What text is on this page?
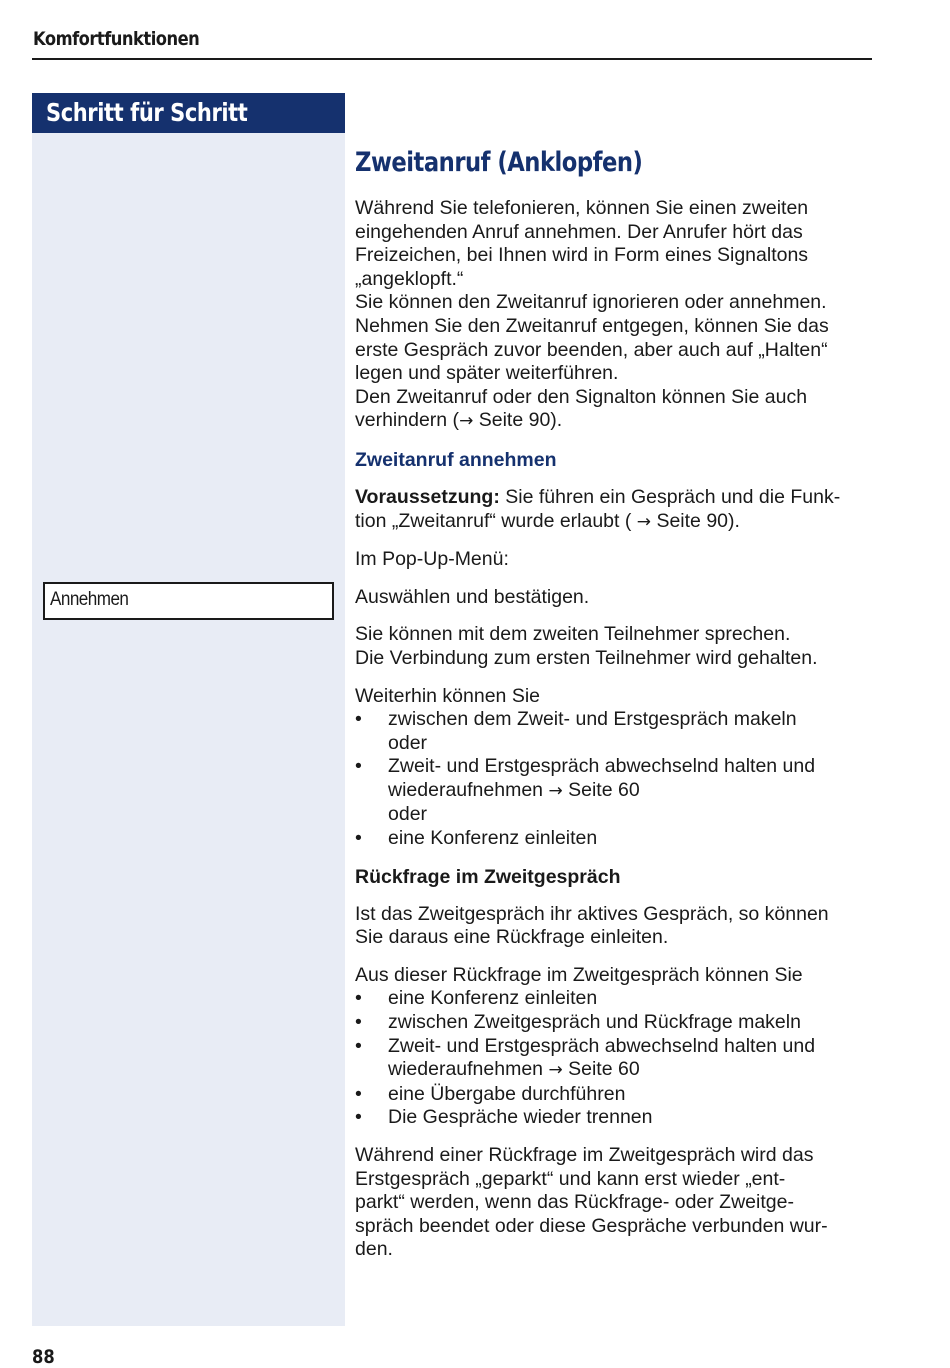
Komfortfunktionen
Schritt für Schritt
Annehmen
Zweitanruf (Anklopfen)

Während Sie telefonieren, können Sie einen zweiten
eingehenden Anruf annehmen. Der Anrufer hört das
Freizeichen, bei Ihnen wird in Form eines Signaltons
„angeklopft.“
Sie können den Zweitanruf ignorieren oder annehmen.
Nehmen Sie den Zweitanruf entgegen, können Sie das
erste Gespräch zuvor beenden, aber auch auf „Halten“
legen und später weiterführen.
Den Zweitanruf oder den Signalton können Sie auch
verhindern (→ Seite 90).

Zweitanruf annehmen

Voraussetzung: Sie führen ein Gespräch und die Funk-
tion „Zweitanruf“ wurde erlaubt ( → Seite 90).

Im Pop-Up-Menü:

Auswählen und bestätigen.

Sie können mit dem zweiten Teilnehmer sprechen.
Die Verbindung zum ersten Teilnehmer wird gehalten.

Weiterhin können Sie

• zwischen dem Zweit- und Erstgespräch makeln
oder
• Zweit- und Erstgespräch abwechselnd halten und
wiederaufnehmen → Seite 60
oder
• eine Konferenz einleiten
Rückfrage im Zweitgespräch

Ist das Zweitgespräch ihr aktives Gespräch, so können
Sie daraus eine Rückfrage einleiten.

Aus dieser Rückfrage im Zweitgespräch können Sie

• eine Konferenz einleiten
• zwischen Zweitgespräch und Rückfrage makeln
• Zweit- und Erstgespräch abwechselnd halten und
wiederaufnehmen → Seite 60
• eine Übergabe durchführen
• Die Gespräche wieder trennen

Während einer Rückfrage im Zweitgespräch wird das
Erstgespräch „geparkt“ und kann erst wieder „ent-
parkt“ werden, wenn das Rückfrage- oder Zweitge-
spräch beendet oder diese Gespräche verbunden wur-
den.

88
